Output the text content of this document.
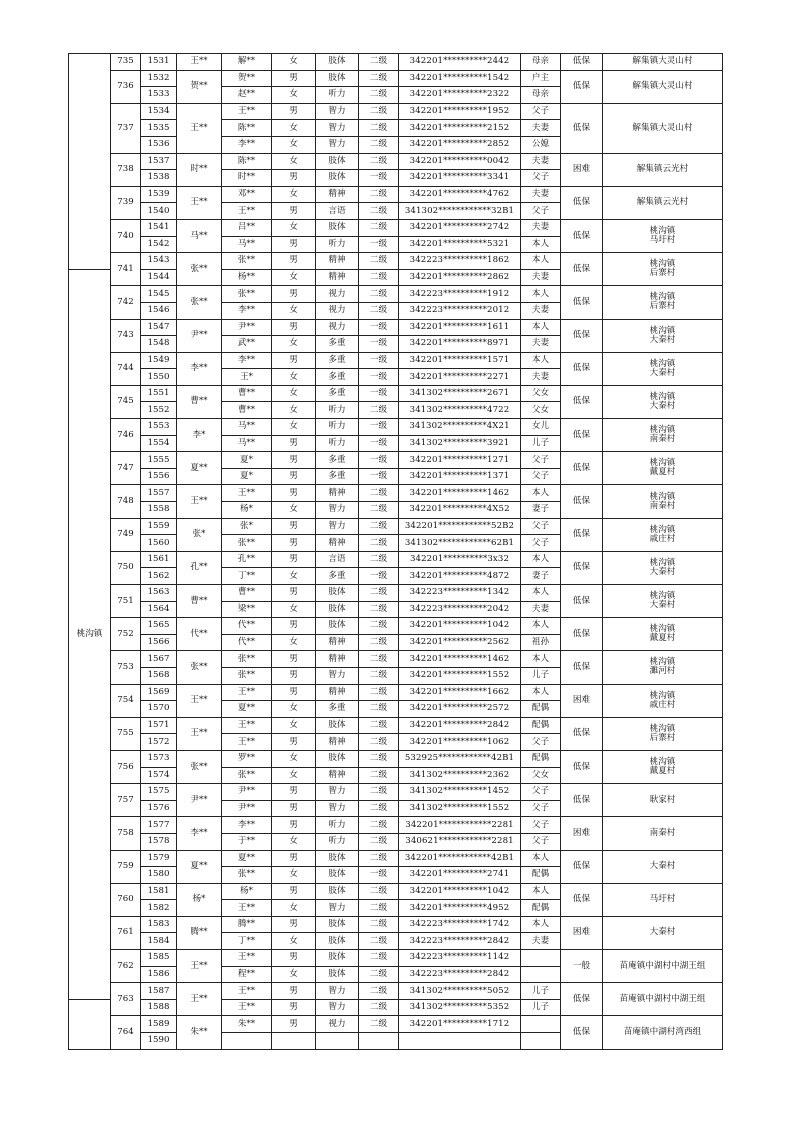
	735	1531	王**	解**	女	肢体	二级	342201**********2442	母亲	低保	解集镇大灵山村
	736	1532	贺**	贺**	男	肢体	二级	342201**********1542	户主	低保	解集镇大灵山村
		1533		赵**	女	听力	二级	342201**********2322	母亲		
	737	1534	王**	王**	男	智力	二级	342201**********1952	父子	低保	解集镇大灵山村
		1535		陈**	女	智力	二级	342201**********2152	夫妻		
		1536		李**	女	智力	二级	342201**********2852	公媳		
	738	1537	时**	陈**	女	肢体	二级	342201**********0042	夫妻	困难	解集镇云光村
		1538		时**	男	肢体	一级	342201**********3341	父子		
	739	1539	王**	邓**	女	精神	二级	342201**********4762	夫妻	低保	解集镇云光村
		1540		王**	男	言语	二级	341302************32B1	父子		
	740	1541	马**	吕**	女	肢体	二级	342201**********2742	夫妻	低保	桃沟镇
马圩村
		1542		马**	男	听力	一级	342201**********5321	本人		
	741	1543	张**	张**	男	精神	二级	342223**********1862	本人	低保	桃沟镇
后寨村
桃沟镇		1544		杨**	女	精神	二级	342201**********2862	夫妻		
	742	1545	张**	张**	男	视力	二级	342223**********1912	本人	低保	桃沟镇
后寨村
		1546		李**	女	视力	二级	342223**********2012	夫妻		
	743	1547	尹**	尹**	男	视力	一级	342201**********1611	本人	低保	桃沟镇
大秦村
		1548		武**	女	多重	一级	342201**********8971	夫妻		
	744	1549	李**	李**	男	多重	一级	342201**********1571	本人	低保	桃沟镇
大秦村
		1550		王*	女	多重	一级	342201**********2271	夫妻		
	745	1551	曹**	曹**	女	多重	一级	341302**********2671	父女	低保	桃沟镇
大秦村
		1552		曹**	女	听力	二级	341302**********4722	父女		
	746	1553	李*	马**	女	听力	一级	341302**********4X21	女儿	低保	桃沟镇
南秦村
		1554		马**	男	听力	一级	341302**********3921	儿子		
	747	1555	夏**	夏*	男	多重	一级	342201**********1271	父子	低保	桃沟镇
戴夏村
		1556		夏*	男	多重	一级	342201**********1371	父子		
	748	1557	王**	王**	男	精神	二级	342201**********1462	本人	低保	桃沟镇
南秦村
		1558		杨*	女	智力	二级	342201**********4X52	妻子		
	749	1559	张*	张*	男	智力	二级	342201************52B2	父子	低保	桃沟镇
戚庄村
		1560		张**	男	精神	二级	341302************62B1	父子		
	750	1561	孔**	孔**	男	言语	二级	342201**********3x32	本人	低保	桃沟镇
大秦村
		1562		丁**	女	多重	一级	342201**********4872	妻子		
	751	1563	曹**	曹**	男	肢体	二级	342223**********1342	本人	低保	桃沟镇
大秦村
		1564		梁**	女	肢体	二级	342223**********2042	夫妻		
	752	1565	代**	代**	男	肢体	二级	342201**********1042	本人	低保	桃沟镇
戴夏村
		1566		代**	女	精神	二级	342201**********2562	祖孙		
	753	1567	张**	张**	男	精神	二级	342201**********1462	本人	低保	桃沟镇
濉河村
		1568		张**	男	智力	二级	342201**********1552	儿子		
	754	1569	王**	王**	男	精神	二级	342201**********1662	本人	困难	桃沟镇
戚庄村
		1570		夏**	女	多重	二级	342201**********2572	配偶		
	755	1571	王**	王**	女	肢体	二级	342201**********2842	配偶	低保	桃沟镇
后寨村
		1572		王**	男	精神	二级	342201**********1062	父子		
	756	1573	张**	罗**	女	肢体	二级	532925************42B1	配偶	低保	桃沟镇
戴夏村
		1574		张**	女	精神	二级	341302**********2362	父女		
	757	1575	尹**	尹**	男	智力	二级	341302**********1452	父子	低保	耿家村
		1576		尹**	男	智力	二级	341302**********1552	父子		
	758	1577	李**	李**	男	听力	二级	342201************2281	父子	困难	南秦村
		1578		于**	女	听力	二级	340621************2281	父子		
	759	1579	夏**	夏**	男	肢体	二级	342201************42B1	本人	低保	大秦村
		1580		张**	女	肢体	一级	342201**********2741	配偶		
	760	1581	杨*	杨*	男	肢体	二级	342201**********1042	本人	低保	马圩村
		1582		王**	女	智力	二级	342201**********4952	配偶		
	761	1583	腾**	腾**	男	肢体	二级	342223**********1742	本人	困难	大秦村
		1584		丁**	女	肢体	二级	342223**********2842	夫妻		
	762	1585	王**	王**	男	肢体	二级	342223**********1142		一般	苗庵镇中湖村中湖王组
		1586		程**	女	肢体	二级	342223**********2842			
	763	1587	王**	王**	男	智力	二级	341302**********5052	儿子	低保	苗庵镇中湖村中湖王组
		1588		王**	男	智力	二级	341302**********5352	儿子		
	764	1589	朱**	朱**	男	视力	二级	342201**********1712		低保	苗庵镇中湖村湾西组
		1590									
